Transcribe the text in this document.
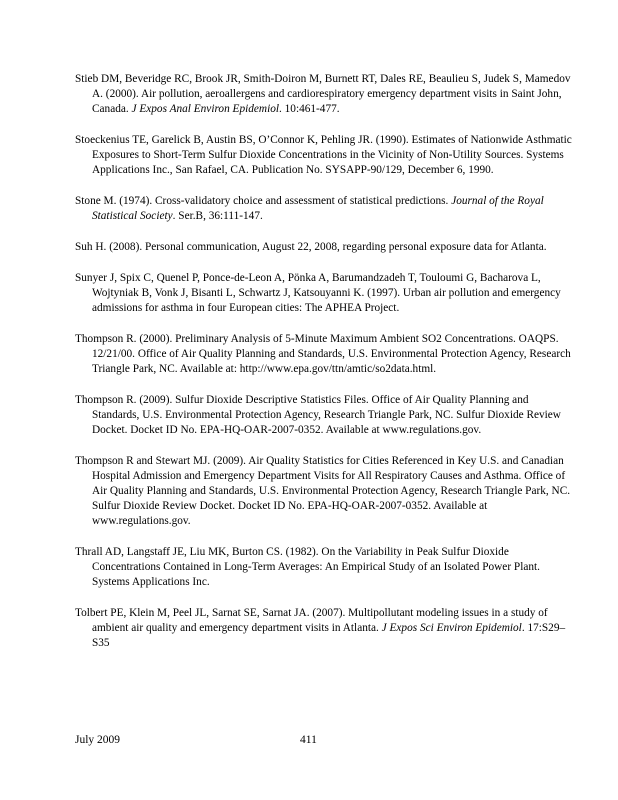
Stieb DM, Beveridge RC, Brook JR, Smith-Doiron M, Burnett RT, Dales RE, Beaulieu S, Judek S, Mamedov A. (2000). Air pollution, aeroallergens and cardiorespiratory emergency department visits in Saint John, Canada. J Expos Anal Environ Epidemiol. 10:461-477.

Stoeckenius TE, Garelick B, Austin BS, O’Connor K, Pehling JR. (1990). Estimates of Nationwide Asthmatic Exposures to Short-Term Sulfur Dioxide Concentrations in the Vicinity of Non-Utility Sources. Systems Applications Inc., San Rafael, CA. Publication No. SYSAPP-90/129, December 6, 1990.

Stone M. (1974). Cross-validatory choice and assessment of statistical predictions. Journal of the Royal Statistical Society. Ser.B, 36:111-147.

Suh H. (2008). Personal communication, August 22, 2008, regarding personal exposure data for Atlanta.

Sunyer J, Spix C, Quenel P, Ponce-de-Leon A, Pönka A, Barumandzadeh T, Touloumi G, Bacharova L, Wojtyniak B, Vonk J, Bisanti L, Schwartz J, Katsouyanni K. (1997). Urban air pollution and emergency admissions for asthma in four European cities: The APHEA Project.

Thompson R. (2000). Preliminary Analysis of 5-Minute Maximum Ambient SO2 Concentrations. OAQPS. 12/21/00. Office of Air Quality Planning and Standards, U.S. Environmental Protection Agency, Research Triangle Park, NC. Available at: http://www.epa.gov/ttn/amtic/so2data.html.

Thompson R. (2009). Sulfur Dioxide Descriptive Statistics Files. Office of Air Quality Planning and Standards, U.S. Environmental Protection Agency, Research Triangle Park, NC. Sulfur Dioxide Review Docket. Docket ID No. EPA-HQ-OAR-2007-0352. Available at www.regulations.gov.

Thompson R and Stewart MJ. (2009). Air Quality Statistics for Cities Referenced in Key U.S. and Canadian Hospital Admission and Emergency Department Visits for All Respiratory Causes and Asthma. Office of Air Quality Planning and Standards, U.S. Environmental Protection Agency, Research Triangle Park, NC. Sulfur Dioxide Review Docket. Docket ID No. EPA-HQ-OAR-2007-0352. Available at www.regulations.gov.

Thrall AD, Langstaff JE, Liu MK, Burton CS. (1982). On the Variability in Peak Sulfur Dioxide Concentrations Contained in Long-Term Averages: An Empirical Study of an Isolated Power Plant. Systems Applications Inc.

Tolbert PE, Klein M, Peel JL, Sarnat SE, Sarnat JA. (2007). Multipollutant modeling issues in a study of ambient air quality and emergency department visits in Atlanta. J Expos Sci Environ Epidemiol. 17:S29–S35

July 2009	411
